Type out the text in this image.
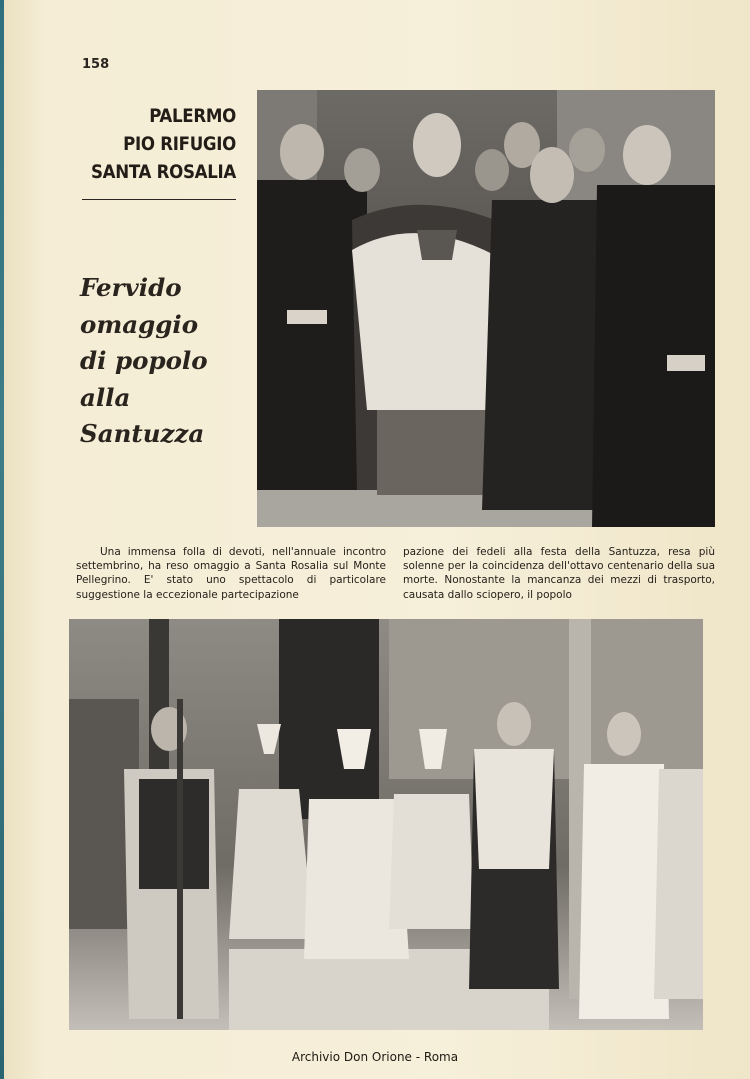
158
PALERMO
PIO RIFUGIO
SANTA ROSALIA
Fervido
omaggio
di popolo
alla
Santuzza

Una immensa folla di devoti, nell'annuale incontro settembrino, ha reso omaggio a Santa Rosalia sul Monte Pellegrino. E' stato uno spettacolo di particolare suggestione la eccezionale partecipazione

pazione dei fedeli alla festa della Santuzza, resa più solenne per la coincidenza dell'ottavo centenario della sua morte. Nonostante la mancanza dei mezzi di trasporto, causata dallo sciopero, il popolo

Archivio Don Orione - Roma
